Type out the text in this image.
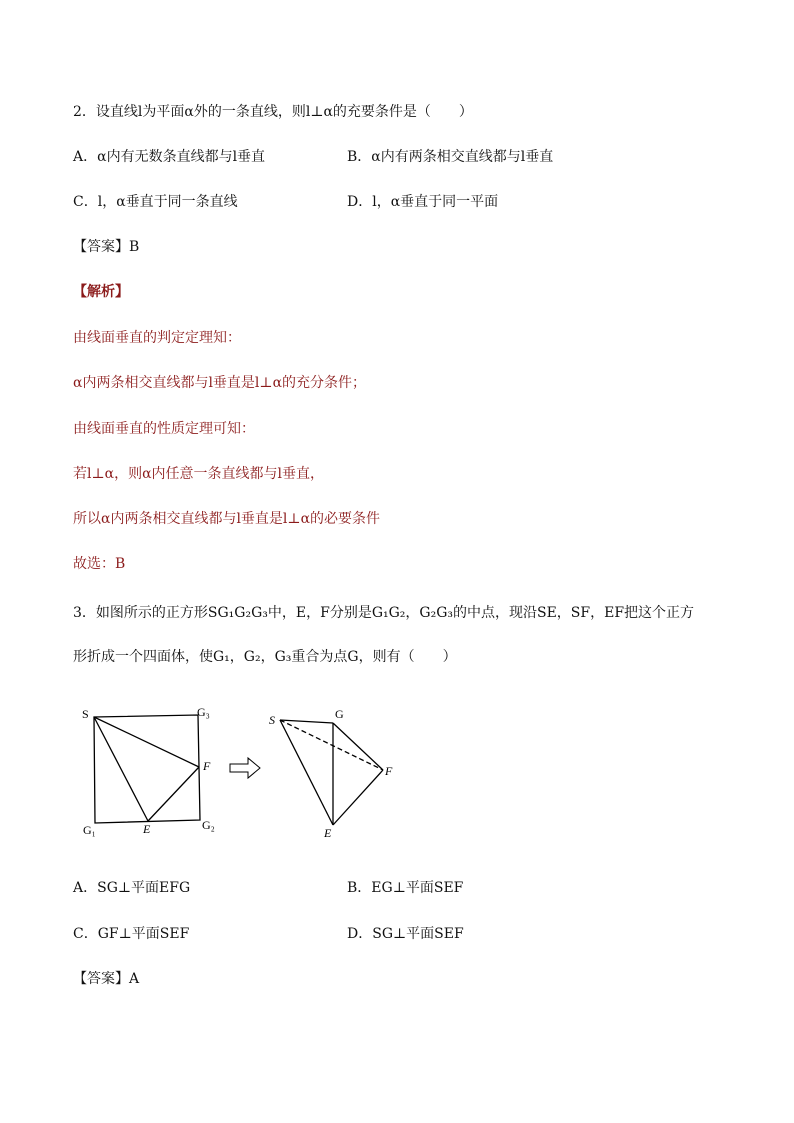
2．设直线l为平面α外的一条直线，则l⊥α的充要条件是（　　）
A．α内有无数条直线都与l垂直	B．α内有两条相交直线都与l垂直
C．l，α垂直于同一条直线	D．l，α垂直于同一平面
【答案】B
【解析】
由线面垂直的判定定理知：
α内两条相交直线都与l垂直是l⊥α的充分条件；
由线面垂直的性质定理可知：
若l⊥α，则α内任意一条直线都与l垂直，
所以α内两条相交直线都与l垂直是l⊥α的必要条件
故选：B
3．如图所示的正方形SG₁G₂G₃中，E，F分别是G₁G₂，G₂G₃的中点，现沿SE，SF，EF把这个正方
形折成一个四面体，使G₁，G₂，G₃重合为点G，则有（　　）
S	G₃
F
G₁	E	G₂
S	G
F
E
A．SG⊥平面EFG	B．EG⊥平面SEF
C．GF⊥平面SEF	D．SG⊥平面SEF
【答案】A
